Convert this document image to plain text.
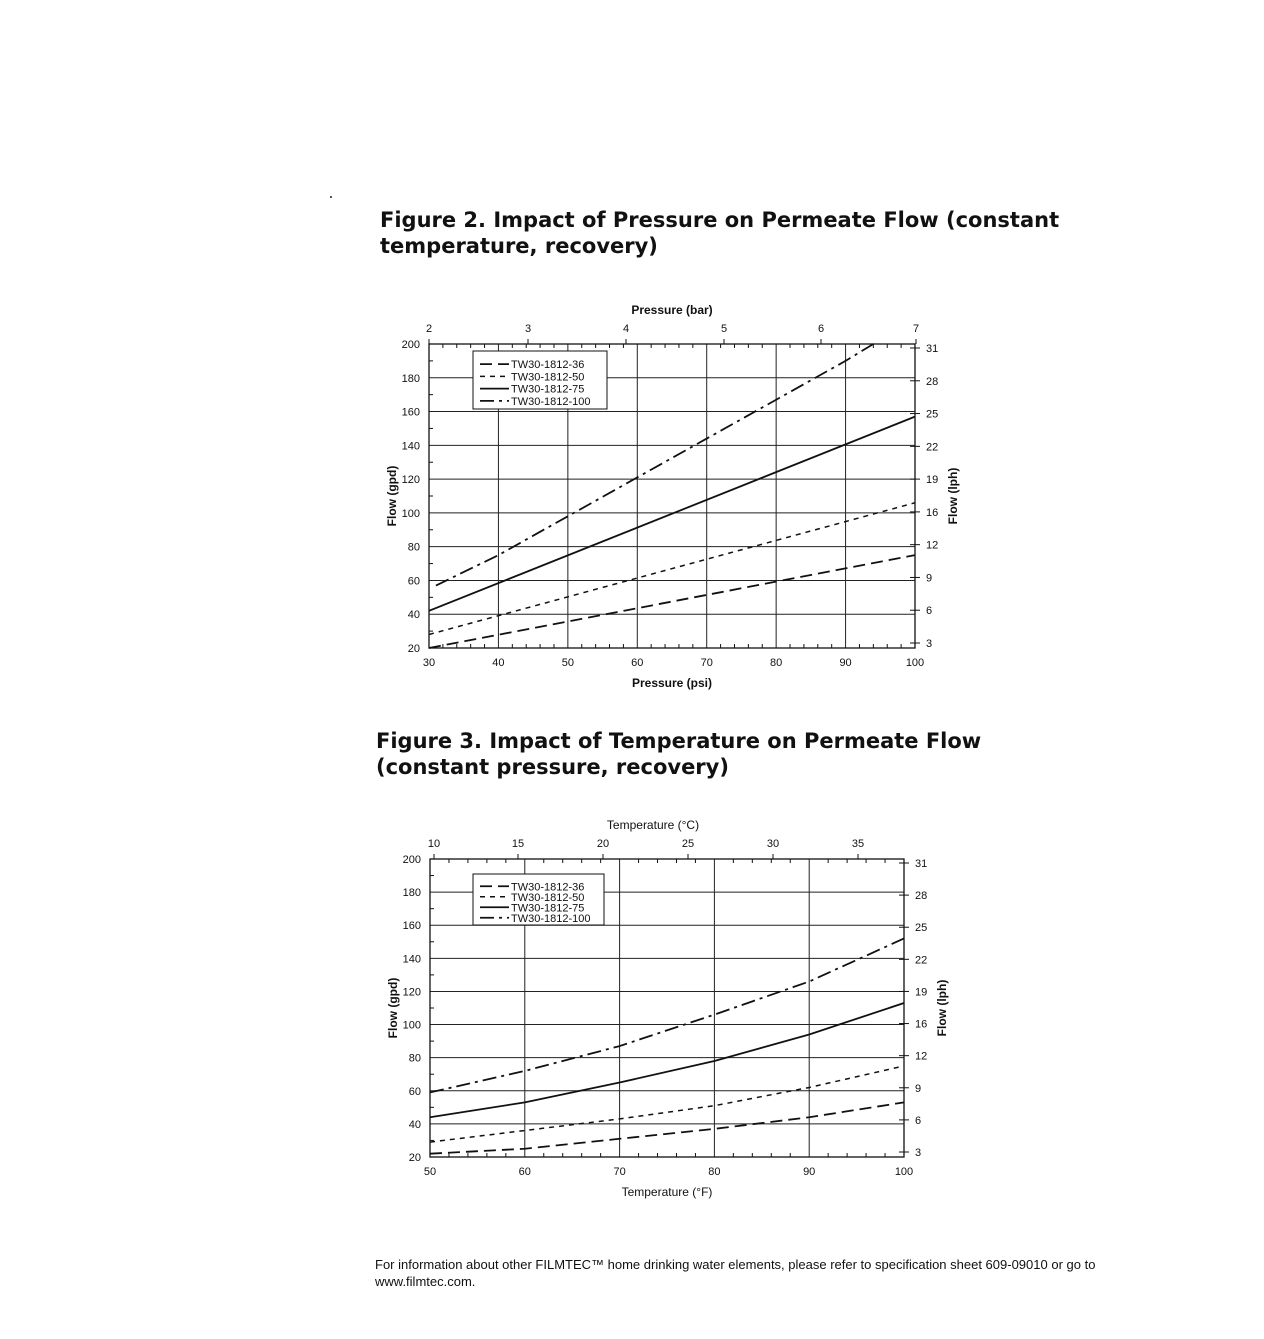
Figure 2. Impact of Pressure on Permeate Flow (constant
temperature, recovery)
Figure 3. Impact of Temperature on Permeate Flow
(constant pressure, recovery)
30	40	50	60	70	80	90	100
20
40
60
80
100
120
140
160
180
200
2	3	4	5	6	7
3
6
9
12
16
19
22
25
28
31
Pressure (psi)
Pressure (bar)
Flow (gpd)	Flow (lph)
TW30-1812-36
TW30-1812-50
TW30-1812-75
TW30-1812-100
50	60	70	80	90	100
20
40
60
80
100
120
140
160
180
200
10	15	20	25	30	35
3
6
9
12
16
19
22
25
28
31
Temperature (°F)
Temperature (°C)
Flow (gpd)	Flow (lph)
TW30-1812-36
TW30-1812-50
TW30-1812-75
TW30-1812-100
For information about other FILMTEC™ home drinking water elements, please refer to specification sheet 609-09010 or go to
www.filmtec.com.
